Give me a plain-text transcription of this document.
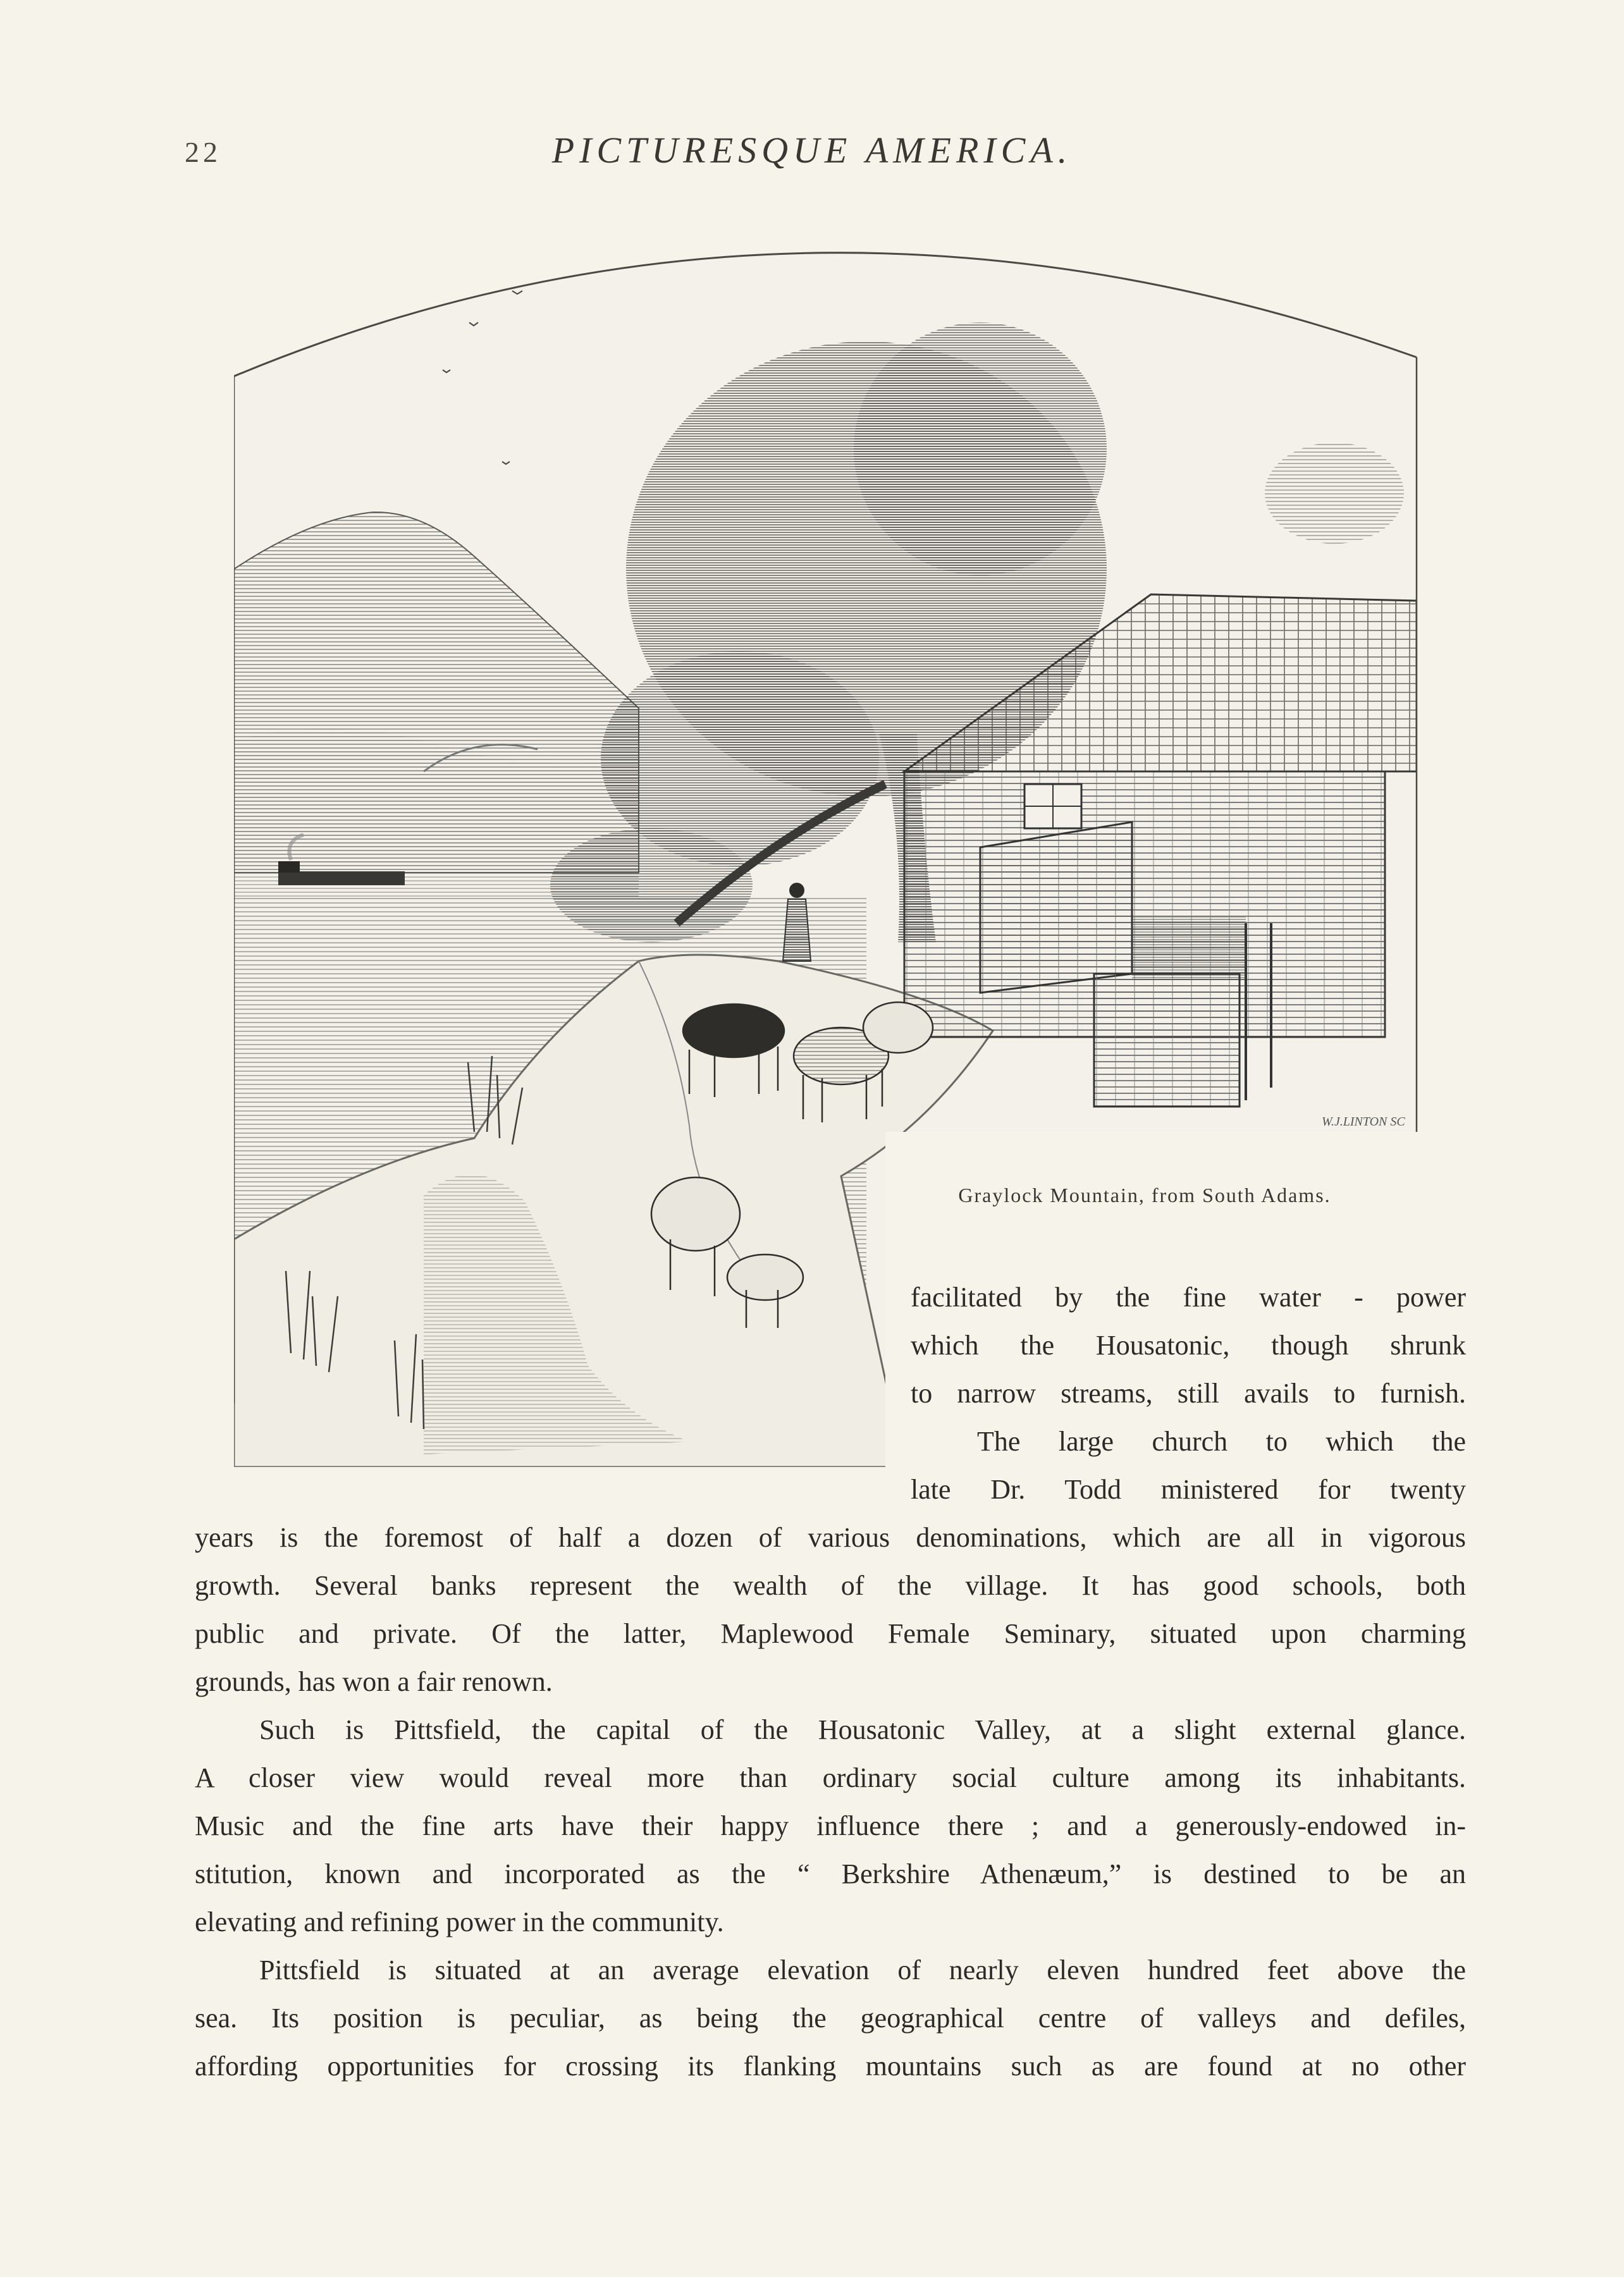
22	PICTURESQUE AMERICA.
W.J.LINTON SC
Graylock Mountain, from South Adams.
facilitated by the fine water - power
which the Housatonic, though shrunk
to narrow streams, still avails to furnish.
The large church to which the
late Dr. Todd ministered for twenty
years is the foremost of half a dozen of various denominations, which are all in vigorous
growth. Several banks represent the wealth of the village. It has good schools, both
public and private. Of the latter, Maplewood Female Seminary, situated upon charming
grounds, has won a fair renown.
Such is Pittsfield, the capital of the Housatonic Valley, at a slight external glance.
A closer view would reveal more than ordinary social culture among its inhabitants.
Music and the fine arts have their happy influence there ; and a generously-endowed in-
stitution, known and incorporated as the “ Berkshire Athenæum,” is destined to be an
elevating and refining power in the community.
Pittsfield is situated at an average elevation of nearly eleven hundred feet above the
sea. Its position is peculiar, as being the geographical centre of valleys and defiles,
affording opportunities for crossing its flanking mountains such as are found at no other
